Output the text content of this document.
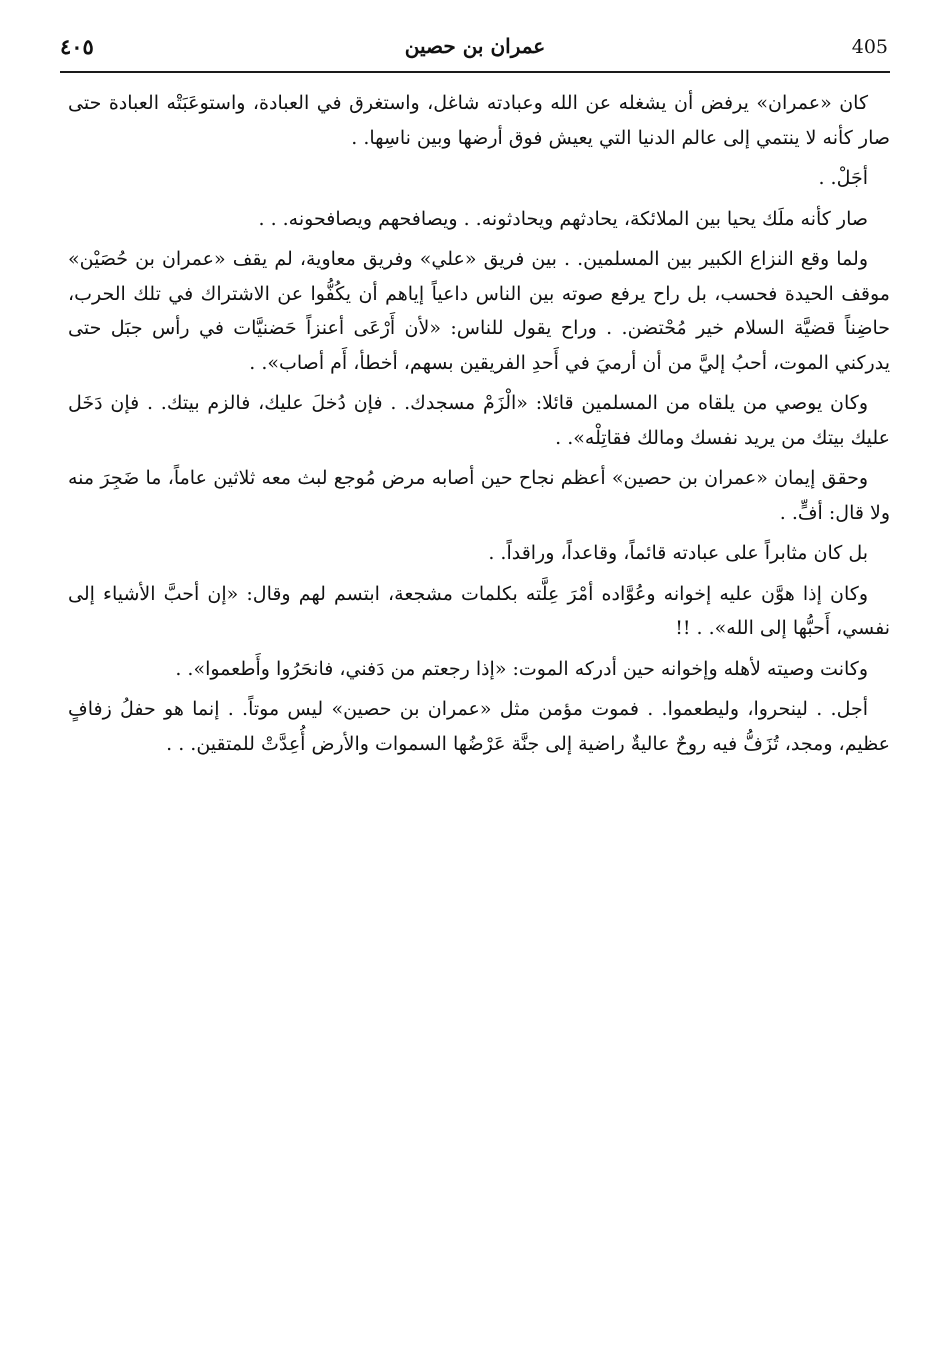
٤٠٥	عمران بن حصين	405

كان «عمران» يرفض أن يشغله عن الله وعبادته شاغل، واستغرق في العبادة، واستوعَبَتْه العبادة حتى صار كأنه لا ينتمي إلى عالم الدنيا التي يعيش فوق أرضها وبين ناسِها. .

أجَلْ. .

صار كأنه ملَك يحيا بين الملائكة، يحادثهم ويحادثونه. . ويصافحهم ويصافحونه. . .

ولما وقع النزاع الكبير بين المسلمين. . بين فريق «علي» وفريق معاوية، لم يقف «عمران بن حُصَيْن» موقف الحيدة فحسب، بل راح يرفع صوته بين الناس داعياً إياهم أن يكُفُّوا عن الاشتراك في تلك الحرب، حاضِناً قضيَّة السلام خير مُحْتضن. . وراح يقول للناس: «لأن أَرْعَى أعنزاً حَضنيَّات في رأس جبَل حتى يدركني الموت، أحبُ إليَّ من أن أرميَ في أَحدِ الفريقين بسهم، أخطأ، أَم أصاب». .

وكان يوصي من يلقاه من المسلمين قائلا: «الْزَمْ مسجدك. . فإن دُخلَ عليك، فالزم بيتك. . فإن دَخَل عليك بيتك من يريد نفسك ومالك فقاتِلْه». .

وحقق إيمان «عمران بن حصين» أعظم نجاح حين أصابه مرض مُوجع لبث معه ثلاثين عاماً، ما ضَجِرَ منه ولا قال: أفٍّ. .

بل كان مثابراً على عبادته قائماً، وقاعداً، وراقداً. .

وكان إذا هوَّن عليه إخوانه وعُوَّاده أمْرَ عِلَّته بكلمات مشجعة، ابتسم لهم وقال: «إن أحبَّ الأشياء إلى نفسي، أَحبُّها إلى الله». . !!

وكانت وصيته لأهله وإخوانه حين أدركه الموت: «إذا رجعتم من دَفني، فانحَرُوا وأَطعموا». .

أجل. . لينحروا، وليطعموا. . فموت مؤمن مثل «عمران بن حصين» ليس موتاً. . إنما هو حفلُ زفافٍ عظيم، ومجد، تُزَفُّ فيه روحٌ عاليةٌ راضية إلى جنَّة عَرْضُها السموات والأرض أُعِدَّتْ للمتقين. . .
